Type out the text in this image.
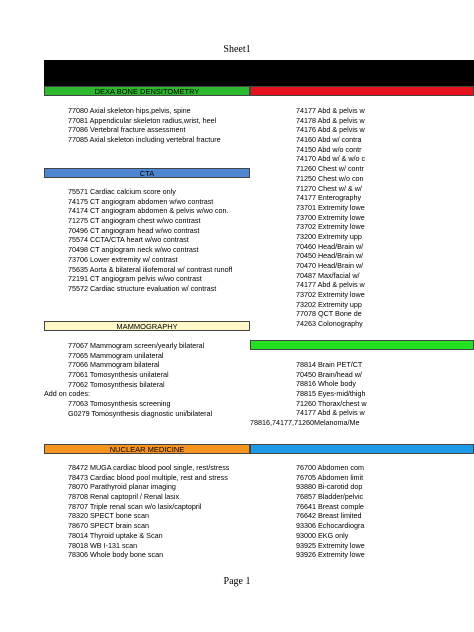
Sheet1
DEXA BONE DENSITOMETRY
77080 Axial skeleton hips,pelvis, spine
77081 Appendicular skeleton radius,wrist, heel
77086 Vertebral fracture assessment
77085 Axial skeleton including vertebral fracture
CTA
75571 Cardiac calcium score only
74175 CT angiogram abdomen w/wo contrast
74174 CT angiogram abdomen & pelvis w/wo con.
71275 CT angiogram chest w/wo contrast
70496 CT angiogram head w/wo contrast
75574 CCTA/CTA heart w/wo contrast
70498 CT angiogram neck w/wo contrast
73706 Lower extremity w/ contrast
75635 Aorta & bilateral iliofemoral w/ contrast runoff
72191 CT angiogram pelvis w/wo contrast
75572 Cardiac structure evaluation w/ contrast
MAMMOGRAPHY
77067 Mammogram screen/yearly bilateral
77065 Mammogram unilateral
77066 Mammogram bilateral
77061 Tomosynthesis unilateral
77062 Tomosynthesis bilateral
Add on codes:
77063 Tomosynthesis screening
G0279 Tomosynthesis diagnostic uni/bilateral
NUCLEAR MEDICINE
78472 MUGA cardiac blood pool single, rest/stress
78473 Cardiac blood pool multiple, rest and stress
78070 Parathyroid planar imaging
78708 Renal captopril / Renal lasix
78707 Triple renal scan w/o lasix/captopril
78320 SPECT bone scan
78670 SPECT brain scan
78014 Thyroid uptake & Scan
78018 WB I-131 scan
78306 Whole body bone scan
74177 Abd & pelvis w
74178 Abd & pelvis w
74176 Abd & pelvis w
74160 Abd w/ contra
74150 Abd w/o contr
74170 Abd w/ & w/o c
71260 Chest w/ contr
71250 Chest w/o con
71270 Chest w/ & w/
74177 Enterography
73701 Extremity lowe
73700 Extremity lowe
73702 Extremity lowe
73200 Extremity upp
70460 Head/Brain w/
70450 Head/Brain w/
70470 Head/Brain w/
70487 Max/facial w/
74177 Abd & pelvis w
73702 Extremity lowe
73202 Extremity upp
77078 QCT Bone de
74263 Colonography
78814 Brain PET/CT
70450 Brain/head w/
78816 Whole body
78815 Eyes-mid/thigh
71260 Thorax/chest w
74177 Abd & pelvis w
78816,74177,71260Melanoma/Me
76700 Abdomen com
76705 Abdomen limit
93880 Bi-carotid dop
76857 Bladder/pelvic
76641 Breast comple
76642 Breast limited
93306 Echocardiogra
93000 EKG only
93925 Extremity lowe
93926 Extremity lowe
Page 1
